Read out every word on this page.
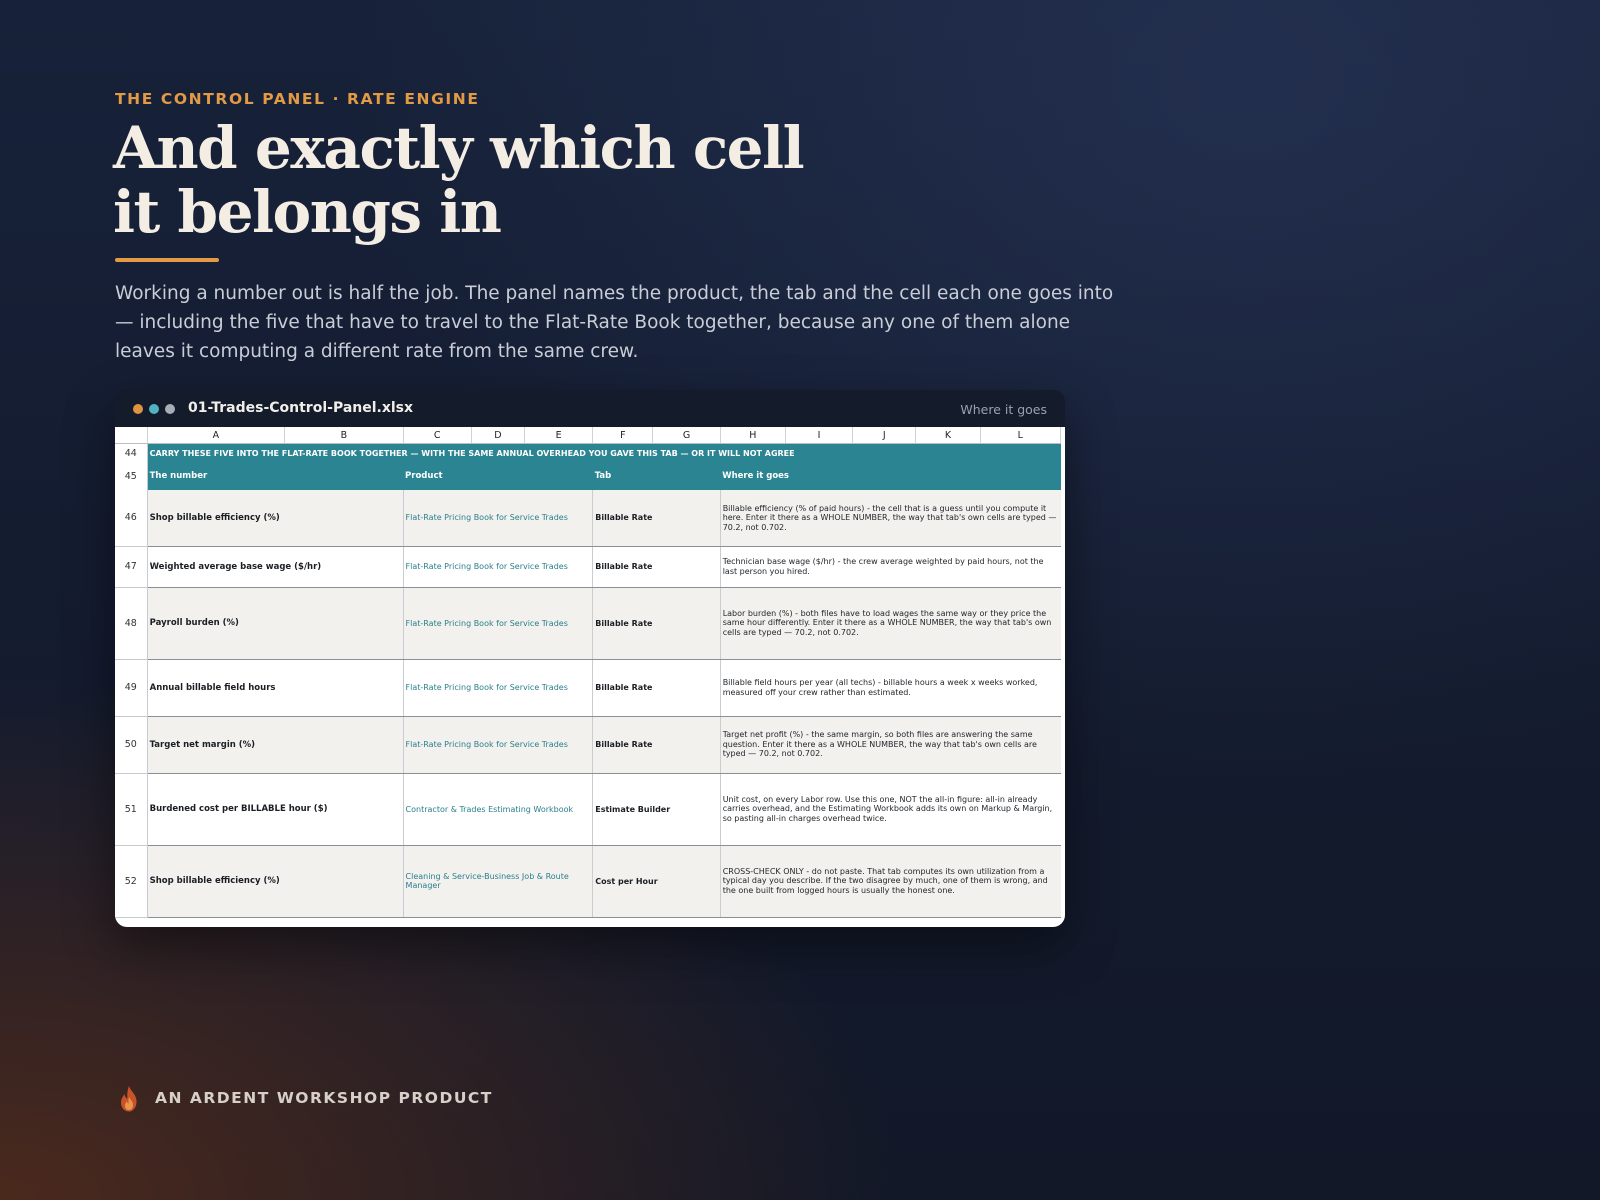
THE CONTROL PANEL · RATE ENGINE
And exactly which cell
it belongs in

Working a number out is half the job. The panel names the product, the tab and the cell each one goes into — including the five that have to travel to the Flat-Rate Book together, because any one of them alone leaves it computing a different rate from the same crew.

01-Trades-Control-Panel.xlsx	Where it goes
	A	B	C	D	E	F	G	H	I	J	K	L
44	CARRY THESE FIVE INTO THE FLAT-RATE BOOK TOGETHER — WITH THE SAME ANNUAL OVERHEAD YOU GAVE THIS TAB — OR IT WILL NOT AGREE											
45	The number		Product			Tab		Where it goes				
46	Shop billable efficiency (%)		Flat-Rate Pricing Book for Service Trades			Billable Rate		Billable efficiency (% of paid hours) - the cell that is a guess until you compute it here. Enter it there as a WHOLE NUMBER, the way that tab's own cells are typed — 70.2, not 0.702.				
47	Weighted average base wage ($/hr)		Flat-Rate Pricing Book for Service Trades			Billable Rate		Technician base wage ($/hr) - the crew average weighted by paid hours, not the last person you hired.				
48	Payroll burden (%)		Flat-Rate Pricing Book for Service Trades			Billable Rate		Labor burden (%) - both files have to load wages the same way or they price the same hour differently. Enter it there as a WHOLE NUMBER, the way that tab's own cells are typed — 70.2, not 0.702.				
49	Annual billable field hours		Flat-Rate Pricing Book for Service Trades			Billable Rate		Billable field hours per year (all techs) - billable hours a week x weeks worked, measured off your crew rather than estimated.				
50	Target net margin (%)		Flat-Rate Pricing Book for Service Trades			Billable Rate		Target net profit (%) - the same margin, so both files are answering the same question. Enter it there as a WHOLE NUMBER, the way that tab's own cells are typed — 70.2, not 0.702.				
51	Burdened cost per BILLABLE hour ($)		Contractor & Trades Estimating Workbook			Estimate Builder		Unit cost, on every Labor row. Use this one, NOT the all-in figure: all-in already carries overhead, and the Estimating Workbook adds its own on Markup & Margin, so pasting all-in charges overhead twice.				
52	Shop billable efficiency (%)		Cleaning & Service-Business Job & Route Manager			Cost per Hour		CROSS-CHECK ONLY - do not paste. That tab computes its own utilization from a typical day you describe. If the two disagree by much, one of them is wrong, and the one built from logged hours is usually the honest one.				
AN ARDENT WORKSHOP PRODUCT
